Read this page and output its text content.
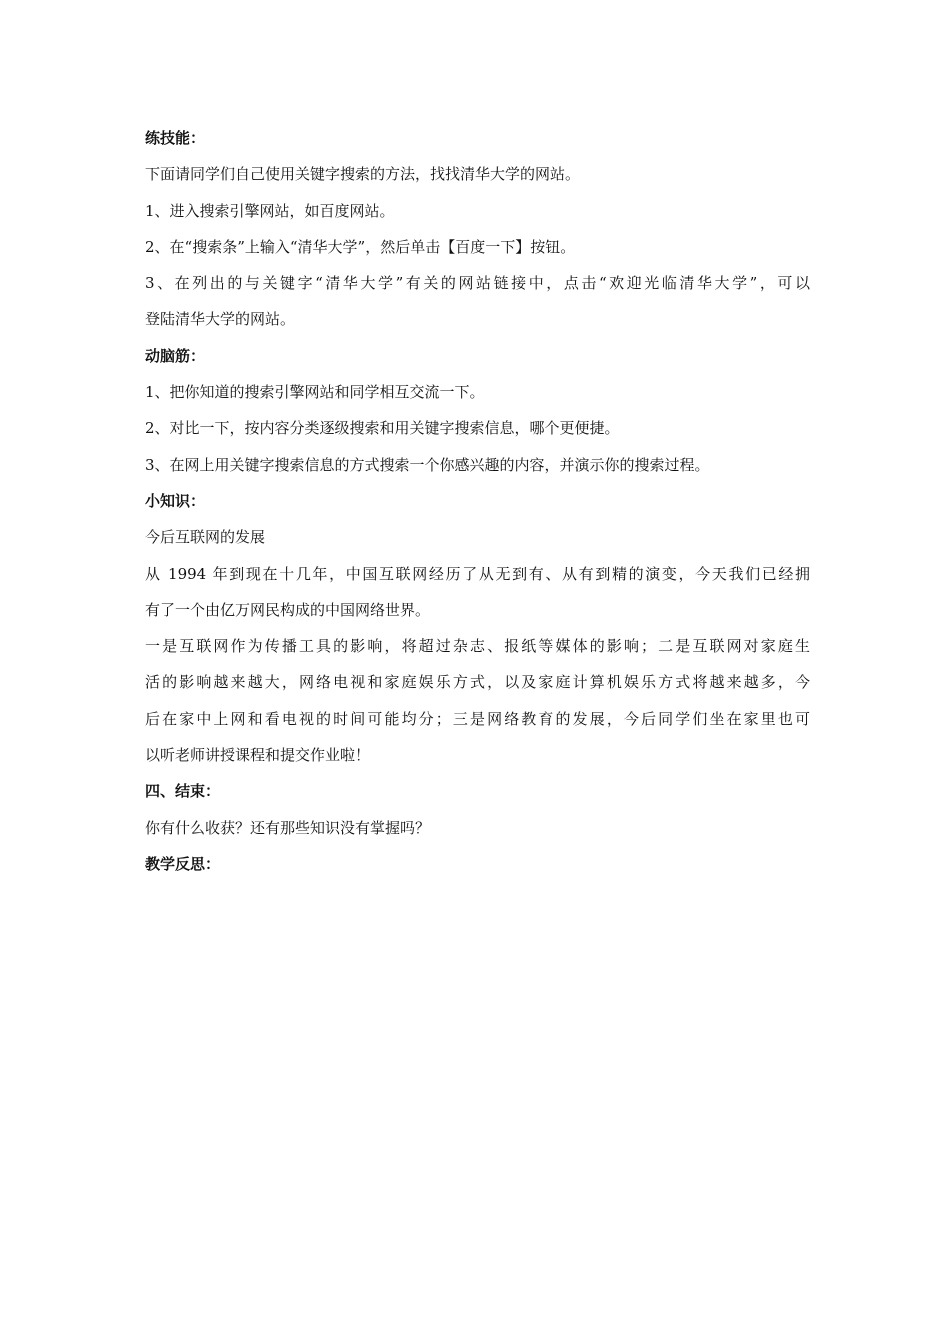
练技能：
下面请同学们自己使用关键字搜索的方法，找找清华大学的网站。
1、进入搜索引擎网站，如百度网站。
2、在“搜索条”上输入“清华大学”，然后单击【百度一下】按钮。
3、在列出的与关键字“清华大学”有关的网站链接中，点击“欢迎光临清华大学”，可以
登陆清华大学的网站。
动脑筋：
1、把你知道的搜索引擎网站和同学相互交流一下。
2、对比一下，按内容分类逐级搜索和用关键字搜索信息，哪个更便捷。
3、在网上用关键字搜索信息的方式搜索一个你感兴趣的内容，并演示你的搜索过程。
小知识：
今后互联网的发展
从 1994 年到现在十几年，中国互联网经历了从无到有、从有到精的演变，今天我们已经拥
有了一个由亿万网民构成的中国网络世界。
一是互联网作为传播工具的影响，将超过杂志、报纸等媒体的影响；二是互联网对家庭生
活的影响越来越大，网络电视和家庭娱乐方式，以及家庭计算机娱乐方式将越来越多，今
后在家中上网和看电视的时间可能均分；三是网络教育的发展，今后同学们坐在家里也可
以听老师讲授课程和提交作业啦！
四、结束：
你有什么收获？还有那些知识没有掌握吗？
教学反思：
